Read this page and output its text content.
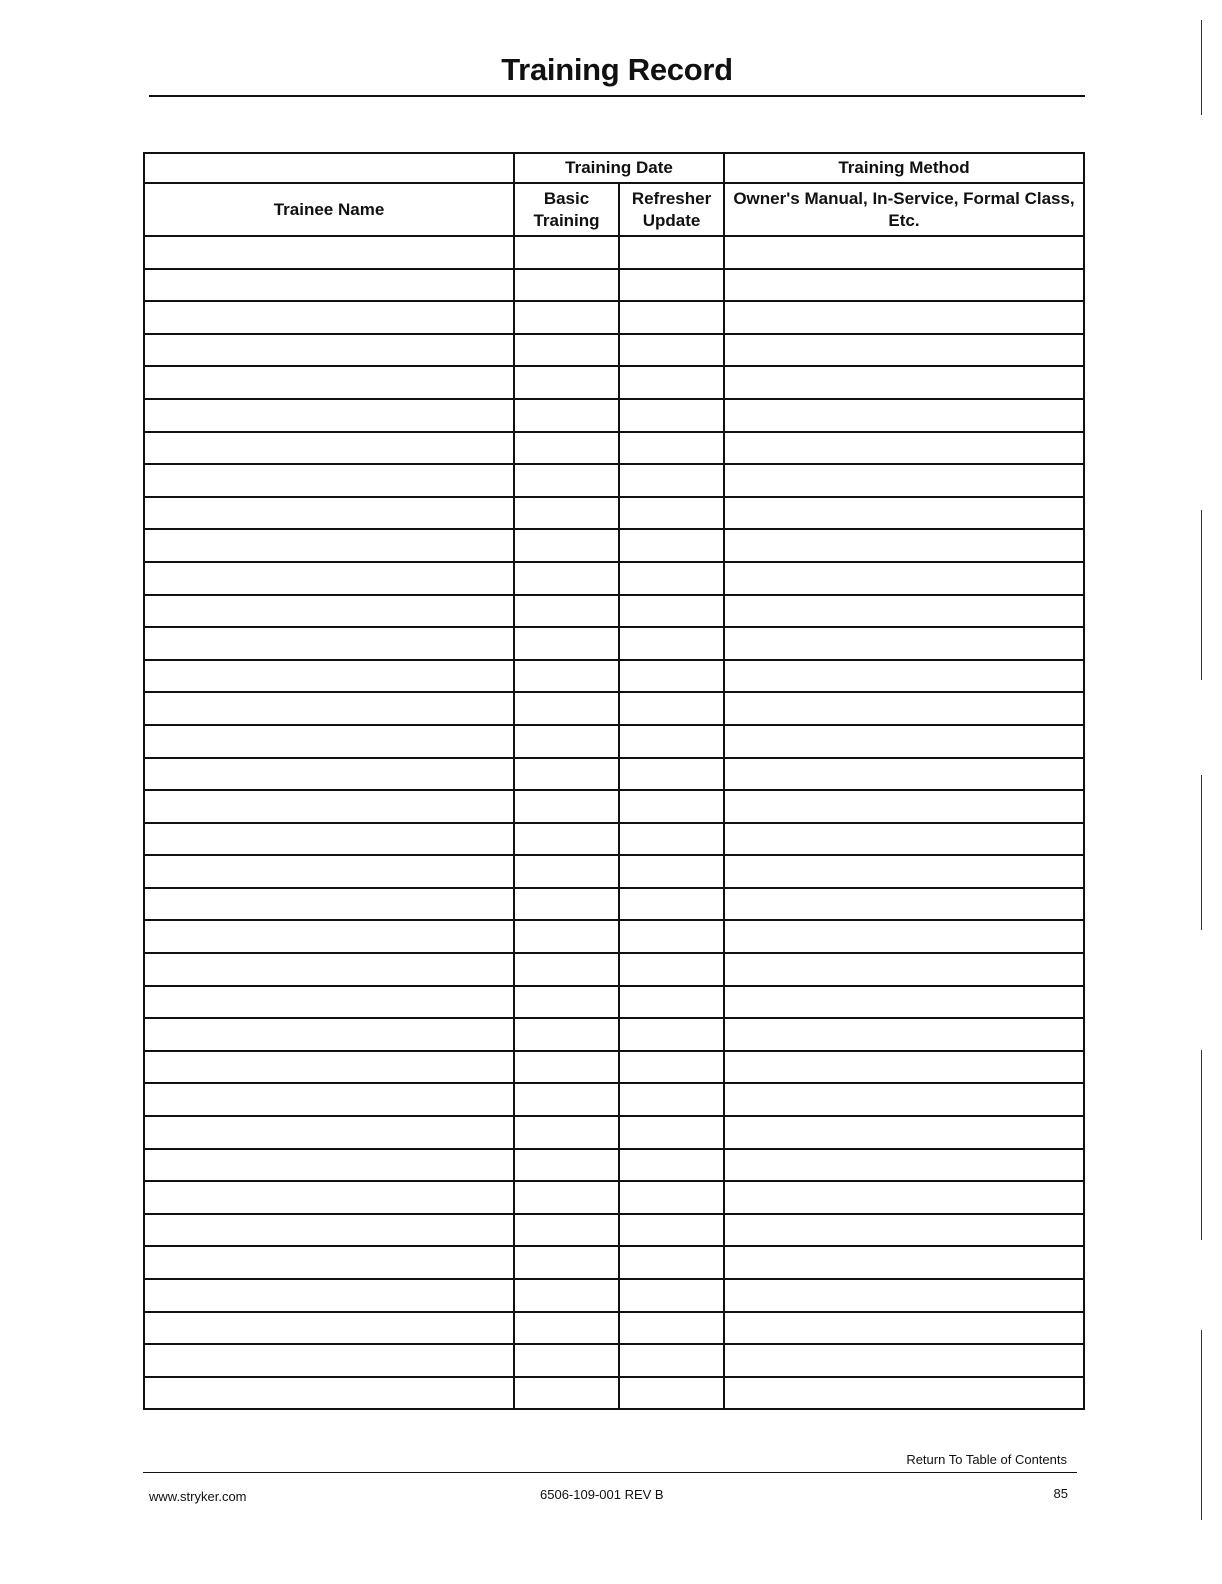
Training Record
	Training Date		Training Method
Trainee Name	Basic Training	Refresher Update	Owner's Manual, In-Service, Formal Class, Etc.

Return To Table of Contents
www.stryker.com	6506-109-001 REV B	85
